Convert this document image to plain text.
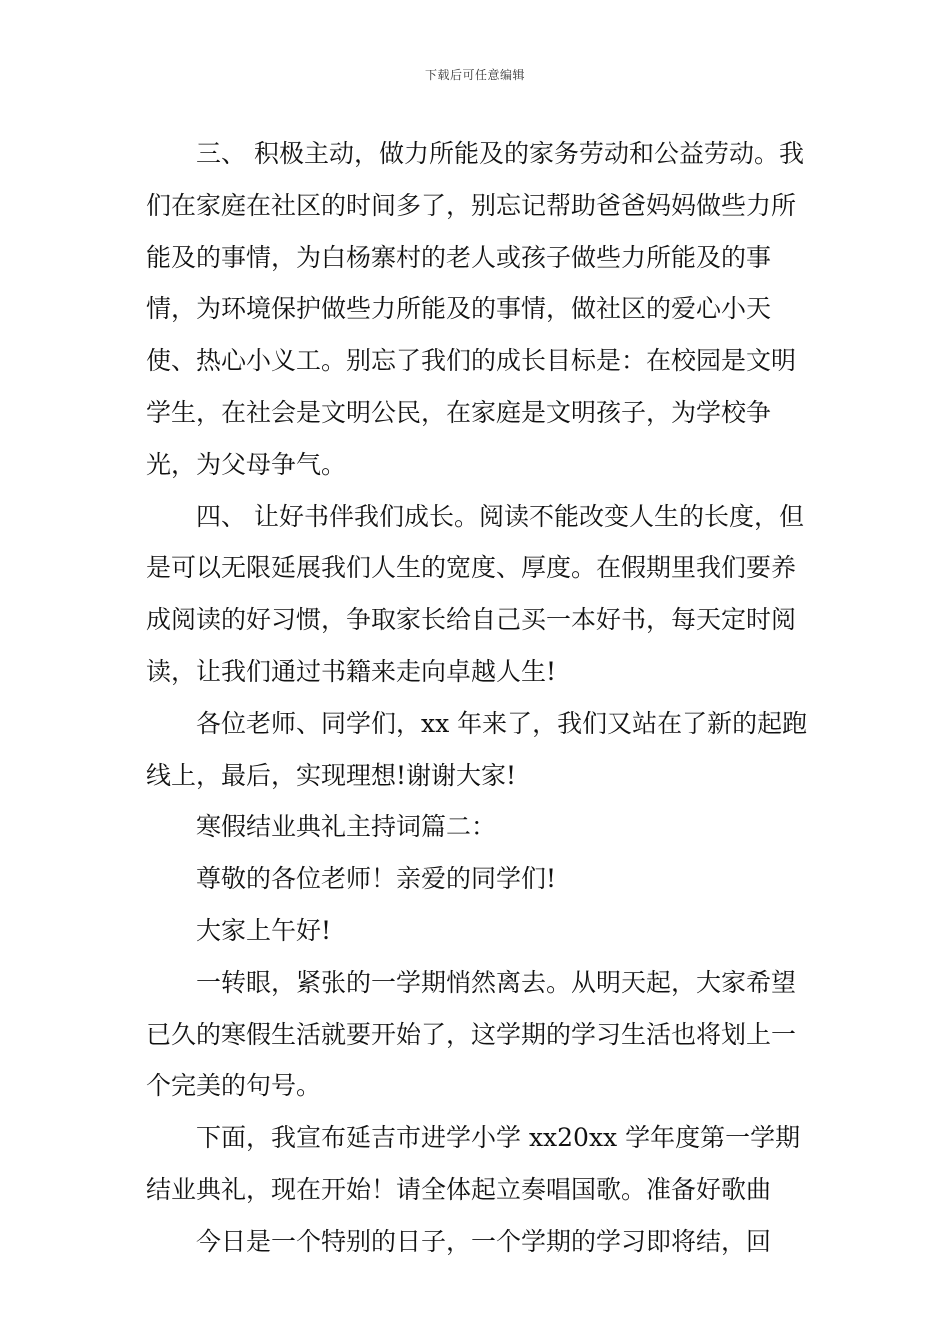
下载后可任意编辑

三、 积极主动，做力所能及的家务劳动和公益劳动。我们在家庭在社区的时间多了，别忘记帮助爸爸妈妈做些力所能及的事情，为白杨寨村的老人或孩子做些力所能及的事情，为环境保护做些力所能及的事情，做社区的爱心小天使、热心小义工。别忘了我们的成长目标是：在校园是文明学生，在社会是文明公民，在家庭是文明孩子，为学校争光，为父母争气。

四、 让好书伴我们成长。阅读不能改变人生的长度，但是可以无限延展我们人生的宽度、厚度。在假期里我们要养成阅读的好习惯，争取家长给自己买一本好书，每天定时阅读，让我们通过书籍来走向卓越人生!

各位老师、同学们，xx 年来了，我们又站在了新的起跑线上，最后，实现理想!谢谢大家!

寒假结业典礼主持词篇二：

尊敬的各位老师！亲爱的同学们!

大家上午好!

一转眼，紧张的一学期悄然离去。从明天起，大家希望已久的寒假生活就要开始了，这学期的学习生活也将划上一个完美的句号。

下面，我宣布延吉市进学小学 xx20xx 学年度第一学期结业典礼，现在开始！请全体起立奏唱国歌。准备好歌曲

今日是一个特别的日子，一个学期的学习即将结，回
